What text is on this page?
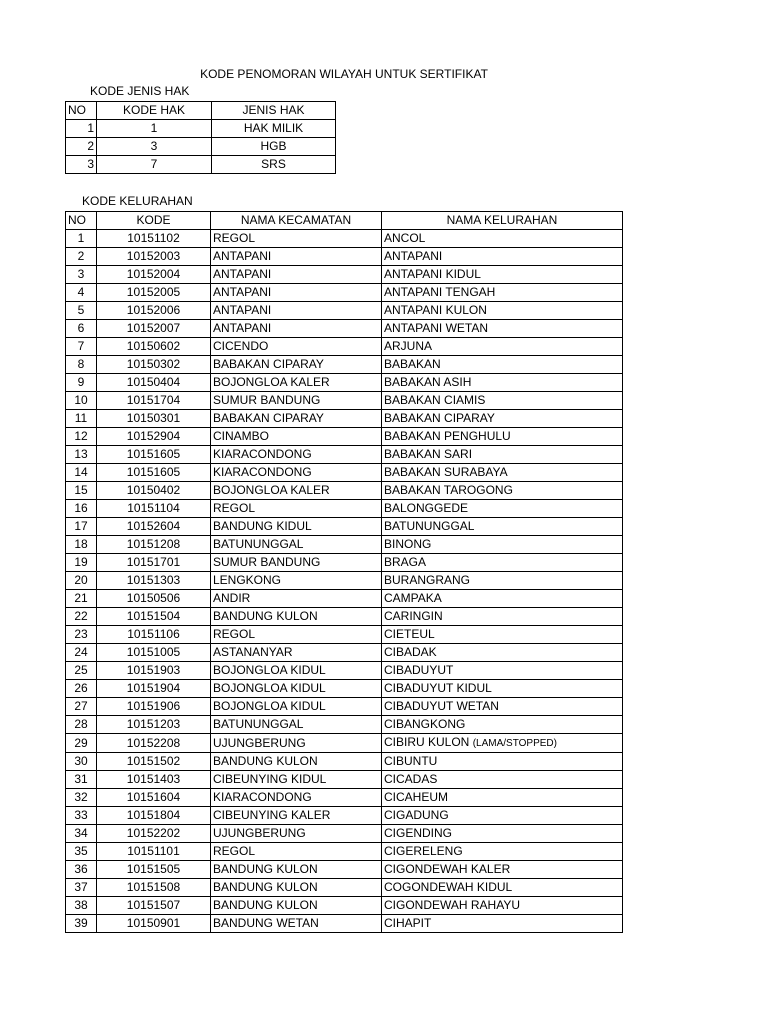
KODE PENOMORAN WILAYAH UNTUK SERTIFIKAT
KODE JENIS HAK
NO	KODE HAK	JENIS HAK
1	1	HAK MILIK
2	3	HGB
3	7	SRS
KODE KELURAHAN
NO	KODE	NAMA KECAMATAN	NAMA KELURAHAN
1	10151102	REGOL	ANCOL
2	10152003	ANTAPANI	ANTAPANI
3	10152004	ANTAPANI	ANTAPANI KIDUL
4	10152005	ANTAPANI	ANTAPANI TENGAH
5	10152006	ANTAPANI	ANTAPANI KULON
6	10152007	ANTAPANI	ANTAPANI WETAN
7	10150602	CICENDO	ARJUNA
8	10150302	BABAKAN CIPARAY	BABAKAN
9	10150404	BOJONGLOA KALER	BABAKAN ASIH
10	10151704	SUMUR BANDUNG	BABAKAN CIAMIS
11	10150301	BABAKAN CIPARAY	BABAKAN CIPARAY
12	10152904	CINAMBO	BABAKAN PENGHULU
13	10151605	KIARACONDONG	BABAKAN SARI
14	10151605	KIARACONDONG	BABAKAN SURABAYA
15	10150402	BOJONGLOA KALER	BABAKAN TAROGONG
16	10151104	REGOL	BALONGGEDE
17	10152604	BANDUNG KIDUL	BATUNUNGGAL
18	10151208	BATUNUNGGAL	BINONG
19	10151701	SUMUR BANDUNG	BRAGA
20	10151303	LENGKONG	BURANGRANG
21	10150506	ANDIR	CAMPAKA
22	10151504	BANDUNG KULON	CARINGIN
23	10151106	REGOL	CIETEUL
24	10151005	ASTANANYAR	CIBADAK
25	10151903	BOJONGLOA KIDUL	CIBADUYUT
26	10151904	BOJONGLOA KIDUL	CIBADUYUT KIDUL
27	10151906	BOJONGLOA KIDUL	CIBADUYUT WETAN
28	10151203	BATUNUNGGAL	CIBANGKONG
29	10152208	UJUNGBERUNG	CIBIRU KULON (LAMA/STOPPED)
30	10151502	BANDUNG KULON	CIBUNTU
31	10151403	CIBEUNYING KIDUL	CICADAS
32	10151604	KIARACONDONG	CICAHEUM
33	10151804	CIBEUNYING KALER	CIGADUNG
34	10152202	UJUNGBERUNG	CIGENDING
35	10151101	REGOL	CIGERELENG
36	10151505	BANDUNG KULON	CIGONDEWAH KALER
37	10151508	BANDUNG KULON	COGONDEWAH KIDUL
38	10151507	BANDUNG KULON	CIGONDEWAH RAHAYU
39	10150901	BANDUNG WETAN	CIHAPIT
